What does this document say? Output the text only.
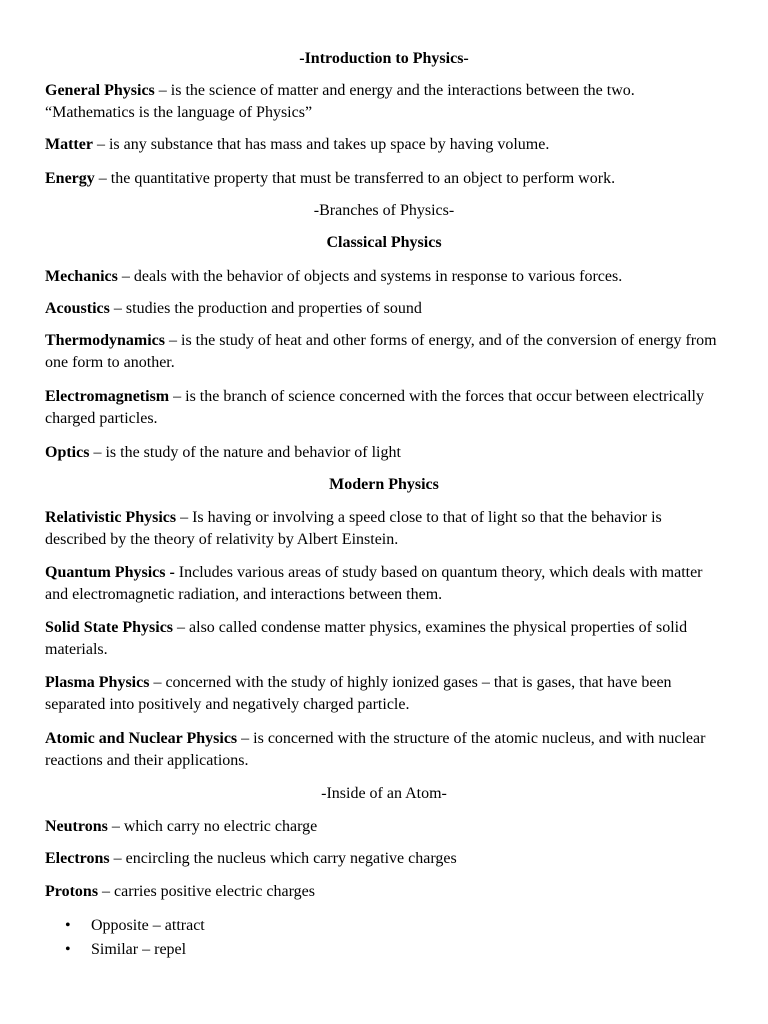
-Introduction to Physics-

General Physics – is the science of matter and energy and the interactions between the two. “Mathematics is the language of Physics”

Matter – is any substance that has mass and takes up space by having volume.

Energy – the quantitative property that must be transferred to an object to perform work.

-Branches of Physics-

Classical Physics

Mechanics – deals with the behavior of objects and systems in response to various forces.

Acoustics – studies the production and properties of sound

Thermodynamics – is the study of heat and other forms of energy, and of the conversion of energy from one form to another.

Electromagnetism – is the branch of science concerned with the forces that occur between electrically charged particles.

Optics – is the study of the nature and behavior of light

Modern Physics

Relativistic Physics – Is having or involving a speed close to that of light so that the behavior is described by the theory of relativity by Albert Einstein.

Quantum Physics - Includes various areas of study based on quantum theory, which deals with matter and electromagnetic radiation, and interactions between them.

Solid State Physics – also called condense matter physics, examines the physical properties of solid materials.

Plasma Physics – concerned with the study of highly ionized gases – that is gases, that have been separated into positively and negatively charged particle.

Atomic and Nuclear Physics – is concerned with the structure of the atomic nucleus, and with nuclear reactions and their applications.

-Inside of an Atom-

Neutrons – which carry no electric charge

Electrons – encircling the nucleus which carry negative charges

Protons – carries positive electric charges

• Opposite – attract
• Similar – repel
